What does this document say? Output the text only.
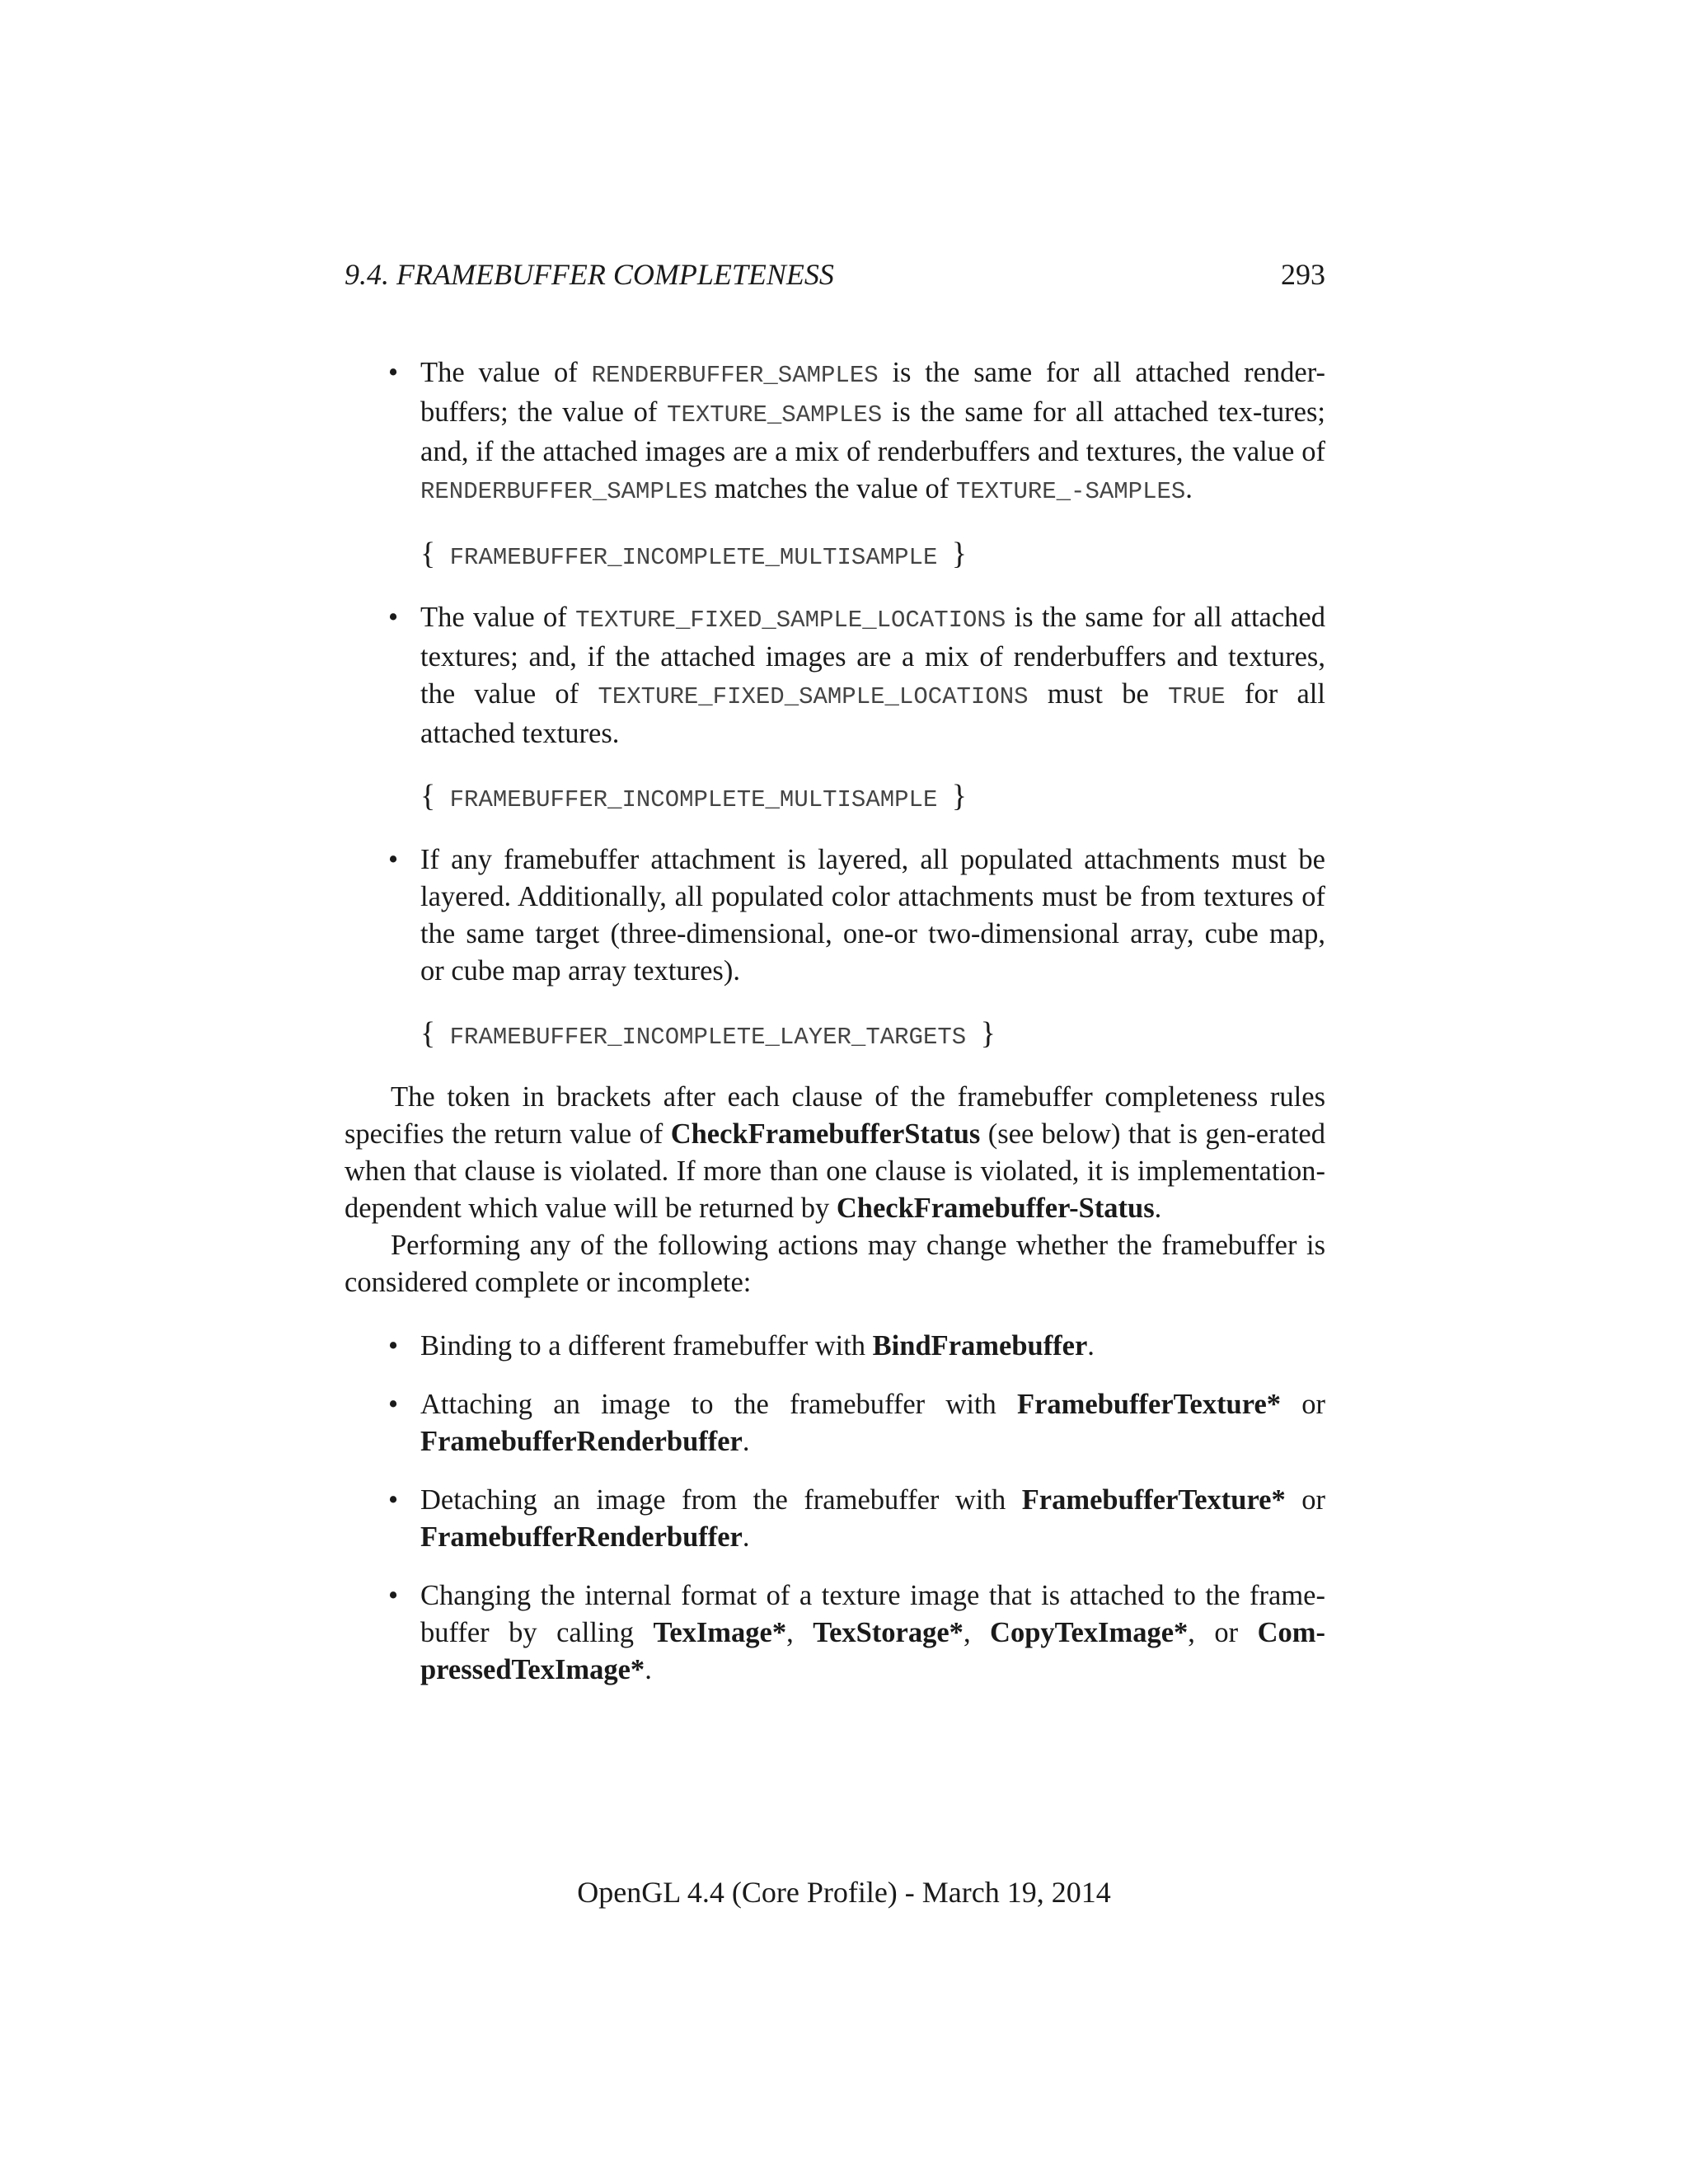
9.4. FRAMEBUFFER COMPLETENESS	293
• The value of RENDERBUFFER_SAMPLES is the same for all attached render-buffers; the value of TEXTURE_SAMPLES is the same for all attached tex-tures; and, if the attached images are a mix of renderbuffers and textures, the value of RENDERBUFFER_SAMPLES matches the value of TEXTURE_-SAMPLES.
{ FRAMEBUFFER_INCOMPLETE_MULTISAMPLE }
• The value of TEXTURE_FIXED_SAMPLE_LOCATIONS is the same for all attached textures; and, if the attached images are a mix of renderbuffers and textures, the value of TEXTURE_FIXED_SAMPLE_LOCATIONS must be TRUE for all attached textures.
{ FRAMEBUFFER_INCOMPLETE_MULTISAMPLE }
• If any framebuffer attachment is layered, all populated attachments must be layered. Additionally, all populated color attachments must be from textures of the same target (three-dimensional, one-or two-dimensional array, cube map, or cube map array textures).
{ FRAMEBUFFER_INCOMPLETE_LAYER_TARGETS }

The token in brackets after each clause of the framebuffer completeness rules specifies the return value of CheckFramebufferStatus (see below) that is gen-erated when that clause is violated. If more than one clause is violated, it is implementation-dependent which value will be returned by CheckFramebuffer-Status.

Performing any of the following actions may change whether the framebuffer is considered complete or incomplete:

• Binding to a different framebuffer with BindFramebuffer.
• Attaching an image to the framebuffer with FramebufferTexture* or FramebufferRenderbuffer.
• Detaching an image from the framebuffer with FramebufferTexture* or FramebufferRenderbuffer.
• Changing the internal format of a texture image that is attached to the frame-buffer by calling TexImage*, TexStorage*, CopyTexImage*, or Com-pressedTexImage*.
OpenGL 4.4 (Core Profile) - March 19, 2014
